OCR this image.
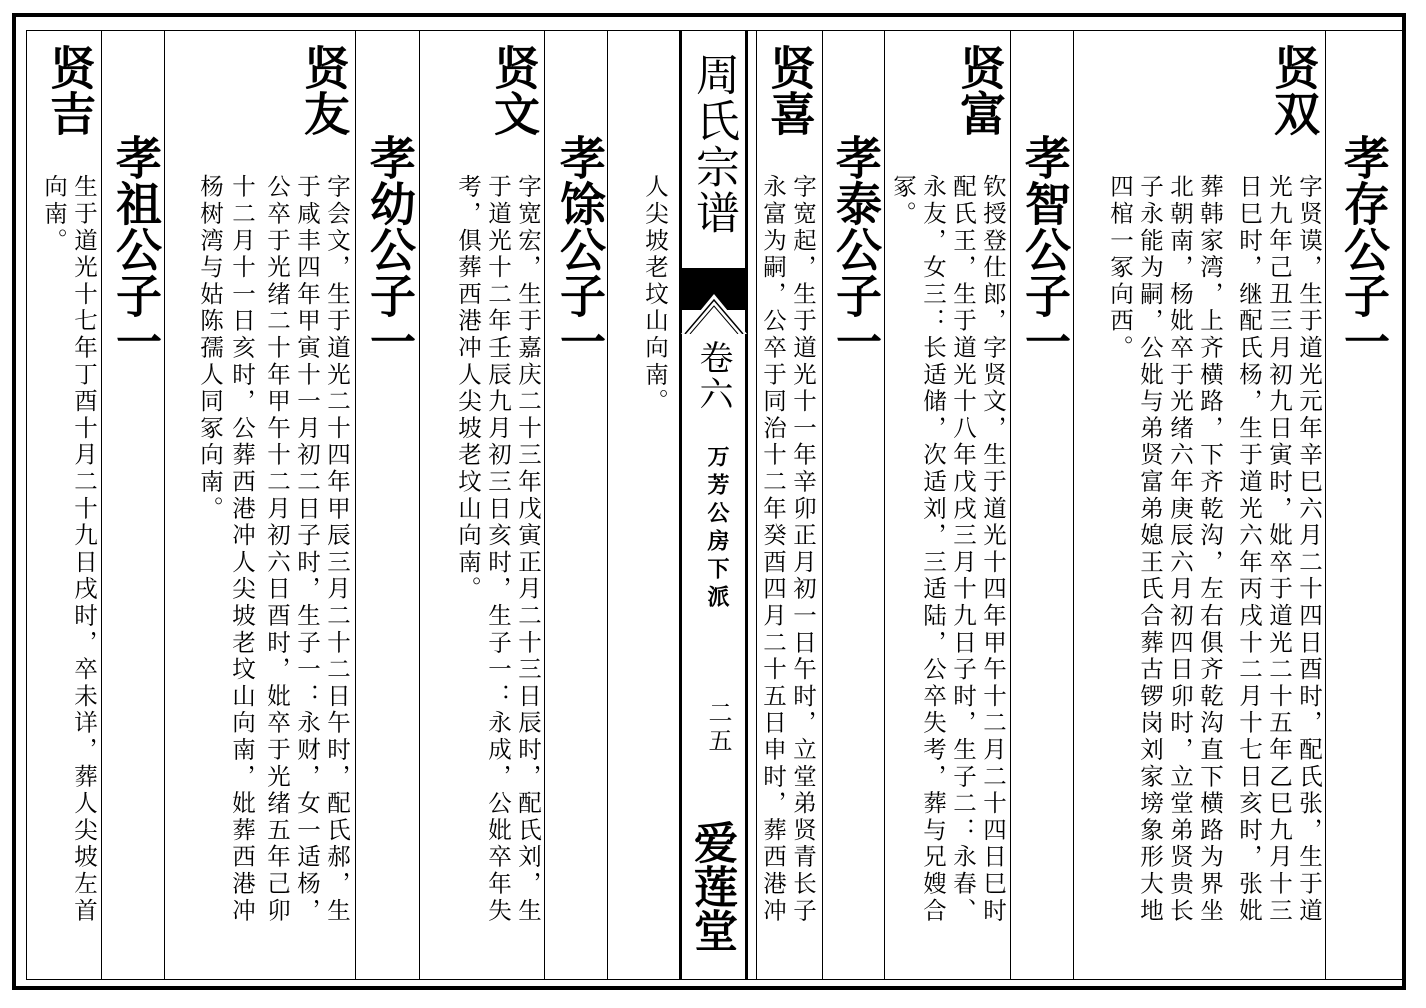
孝存公子一
贤双
字贤谟，生于道光元年辛巳六月二十四日酉时，配氏张，生于道
光九年己丑三月初九日寅时，妣卒于道光二十五年乙巳九月十三
日巳时，继配氏杨，生于道光六年丙戌十二月十七日亥时，张妣
葬韩家湾，上齐横路，下齐乾沟，左右俱齐乾沟直下横路为界坐
北朝南，杨妣卒于光绪六年庚辰六月初四日卯时，立堂弟贤贵长
子永能为嗣，公妣与弟贤富弟媳王氏合葬古锣岗刘家塝象形大地
四棺一冢向西。
孝智公子一
贤富
钦授登仕郎，字贤文，生于道光十四年甲午十二月二十四日巳时
配氏王，生于道光十八年戊戌三月十九日子时，生子二：永春、
永友，女三：长适储，次适刘，三适陆，公卒失考，葬与兄嫂合
冢。
孝泰公子一
贤喜
字宽起，生于道光十一年辛卯正月初一日午时，立堂弟贤青长子
永富为嗣，公卒于同治十二年癸酉四月二十五日申时，葬西港冲
周氏宗谱
卷六
万芳公房下派
二五
爱莲堂
人尖坡老坟山向南。
孝馀公子一
贤文
字宽宏，生于嘉庆二十三年戊寅正月二十三日辰时，配氏刘，生
于道光十二年壬辰九月初三日亥时，生子一：永成，公妣卒年失
考，俱葬西港冲人尖坡老坟山向南。
孝幼公子一
贤友
字会文，生于道光二十四年甲辰三月二十二日午时，配氏郝，生
于咸丰四年甲寅十一月初二日子时，生子一：永财，女一适杨，
公卒于光绪二十年甲午十二月初六日酉时，妣卒于光绪五年己卯
十二月十一日亥时，公葬西港冲人尖坡老坟山向南，妣葬西港冲
杨树湾与姑陈孺人同冢向南。
孝祖公子一
贤吉
生于道光十七年丁酉十月二十九日戌时，卒未详，葬人尖坡左首
向南。
